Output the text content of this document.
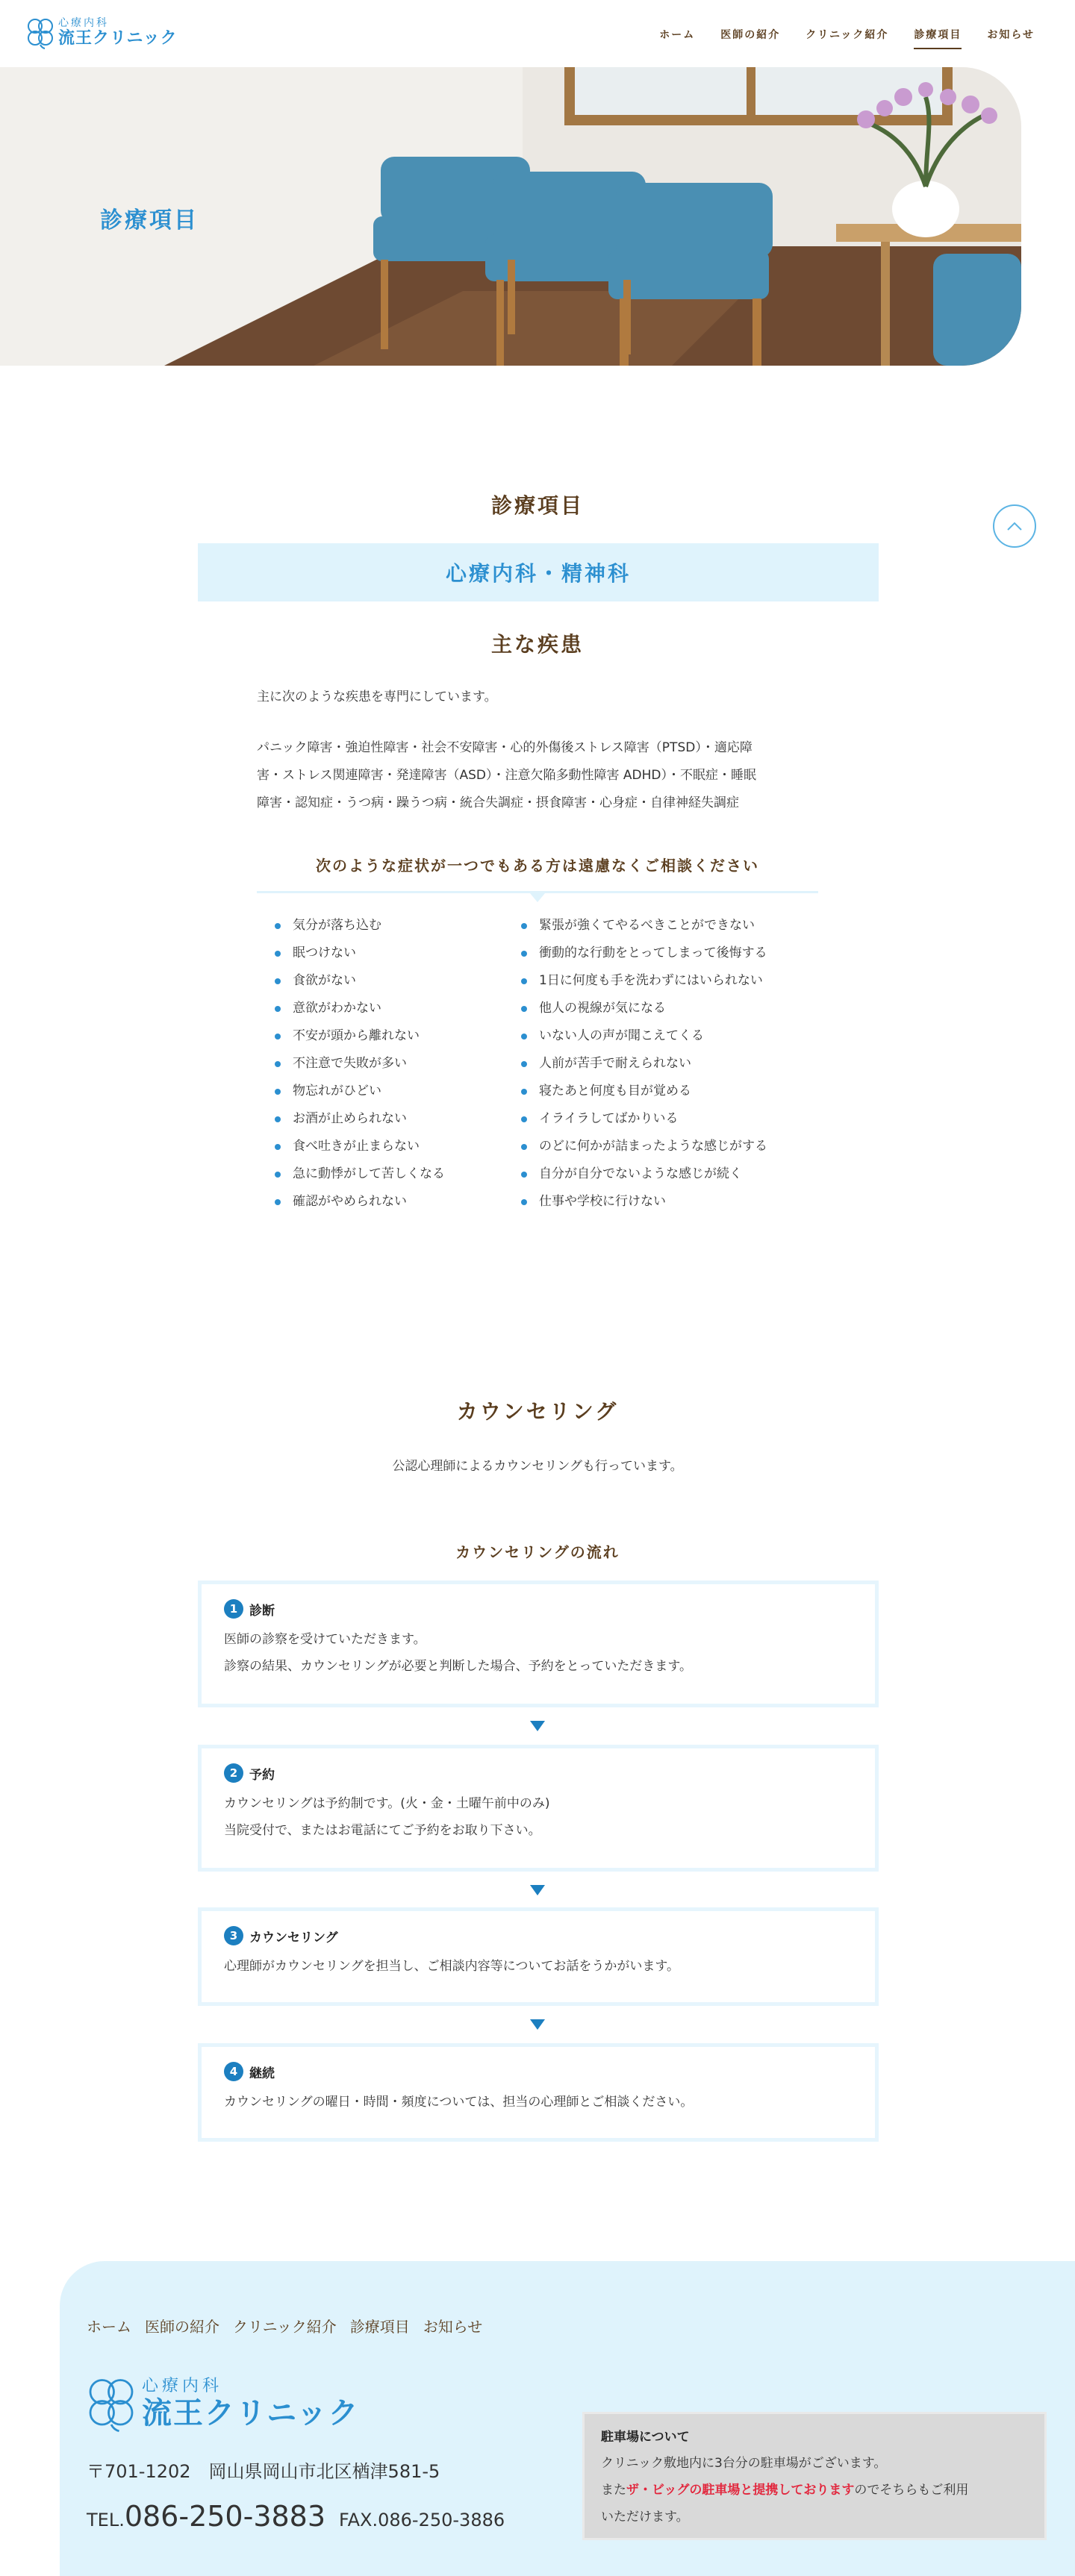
心療内科
流王クリニック	ホーム 医師の紹介 クリニック紹介 診療項目 お知らせ
診療項目
診療項目
心療内科・精神科
主な疾患
主に次のような疾患を専門にしています。
パニック障害・強迫性障害・社会不安障害・心的外傷後ストレス障害（PTSD）・適応障
害・ストレス関連障害・発達障害（ASD）・注意欠陥多動性障害 ADHD）・不眠症・睡眠
障害・認知症・うつ病・躁うつ病・統合失調症・摂食障害・心身症・自律神経失調症
次のような症状が一つでもある方は遠慮なくご相談ください
気分が落ち込む
眠つけない
食欲がない
意欲がわかない
不安が頭から離れない
不注意で失敗が多い
物忘れがひどい
お酒が止められない
食べ吐きが止まらない
急に動悸がして苦しくなる
確認がやめられない
緊張が強くてやるべきことができない
衝動的な行動をとってしまって後悔する
1日に何度も手を洗わずにはいられない
他人の視線が気になる
いない人の声が聞こえてくる
人前が苦手で耐えられない
寝たあと何度も目が覚める
イライラしてばかりいる
のどに何かが詰まったような感じがする
自分が自分でないような感じが続く
仕事や学校に行けない
カウンセリング
公認心理師によるカウンセリングも行っています。
カウンセリングの流れ
1 診断
医師の診察を受けていただきます。
診察の結果、カウンセリングが必要と判断した場合、予約をとっていただきます。
2 予約
カウンセリングは予約制です。(火・金・土曜午前中のみ)
当院受付で、またはお電話にてご予約をお取り下さい。
3 カウンセリング
心理師がカウンセリングを担当し、ご相談内容等についてお話をうかがいます。
4 継続
カウンセリングの曜日・時間・頻度については、担当の心理師とご相談ください。
ホーム 医師の紹介 クリニック紹介 診療項目 お知らせ
心療内科
流王クリニック
〒701-1202　岡山県岡山市北区楢津581-5
TEL. 086-250-3883 FAX.086-250-3886
駐車場について
クリニック敷地内に3台分の駐車場がございます。
またザ・ビッグの駐車場と提携しておりますのでそちらもご利用
いただけます。
